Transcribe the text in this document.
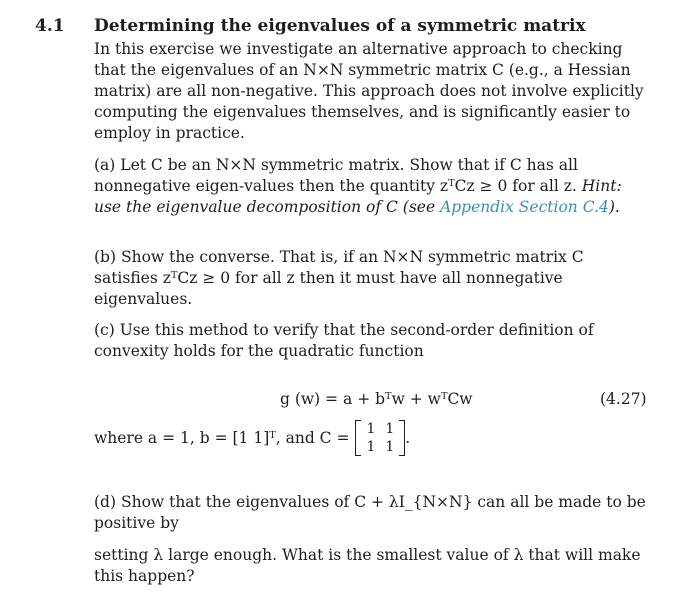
4.1 Determining the eigenvalues of a symmetric matrix
In this exercise we investigate an alternative approach to checking that the eigenvalues of an N×N symmetric matrix C (e.g., a Hessian matrix) are all non-negative. This approach does not involve explicitly computing the eigenvalues themselves, and is significantly easier to employ in practice.
(a) Let C be an N×N symmetric matrix. Show that if C has all nonnegative eigen-values then the quantity zᵀCz ≥ 0 for all z. Hint: use the eigenvalue decomposition of C (see Appendix Section C.4).
(b) Show the converse. That is, if an N×N symmetric matrix C satisfies zᵀCz ≥ 0 for all z then it must have all nonnegative eigenvalues.
(c) Use this method to verify that the second-order definition of convexity holds for the quadratic function
g (w) = a + bᵀw + wᵀCw	(4.27)
where a = 1, b = [1 1]ᵀ, and C = 1	1
1	1 .
(d) Show that the eigenvalues of C + λI_{N×N} can all be made to be positive by
setting λ large enough. What is the smallest value of λ that will make this happen?
